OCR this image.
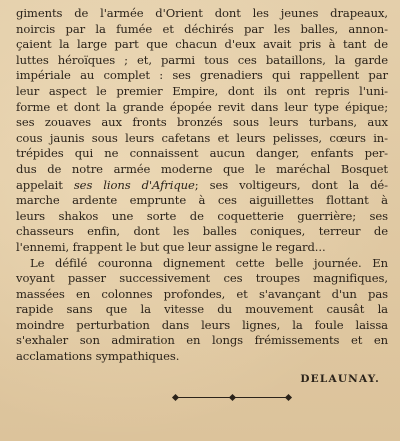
giments de l'armée d'Orient dont les jeunes drapeaux,
noircis par la fumée et déchirés par les balles, annon-
çaient la large part que chacun d'eux avait pris à tant de
luttes héroïques ; et, parmi tous ces bataillons, la garde
impériale au complet : ses grenadiers qui rappellent par
leur aspect le premier Empire, dont ils ont repris l'uni-
forme et dont la grande épopée revit dans leur type épique;
ses zouaves aux fronts bronzés sous leurs turbans, aux
cous jaunis sous leurs cafetans et leurs pelisses, cœurs in-
trépides qui ne connaissent aucun danger, enfants per-
dus de notre armée moderne que le maréchal Bosquet
appelait ses lions d'Afrique; ses voltigeurs, dont la dé-
marche ardente emprunte à ces aiguillettes flottant à
leurs shakos une sorte de coquetterie guerrière; ses
chasseurs enfin, dont les balles coniques, terreur de
l'ennemi, frappent le but que leur assigne le regard...
Le défilé couronna dignement cette belle journée. En
voyant passer successivement ces troupes magnifiques,
massées en colonnes profondes, et s'avançant d'un pas
rapide sans que la vitesse du mouvement causât la
moindre perturbation dans leurs lignes, la foule laissa
s'exhaler son admiration en longs frémissements et en
acclamations sympathiques.
DELAUNAY.
